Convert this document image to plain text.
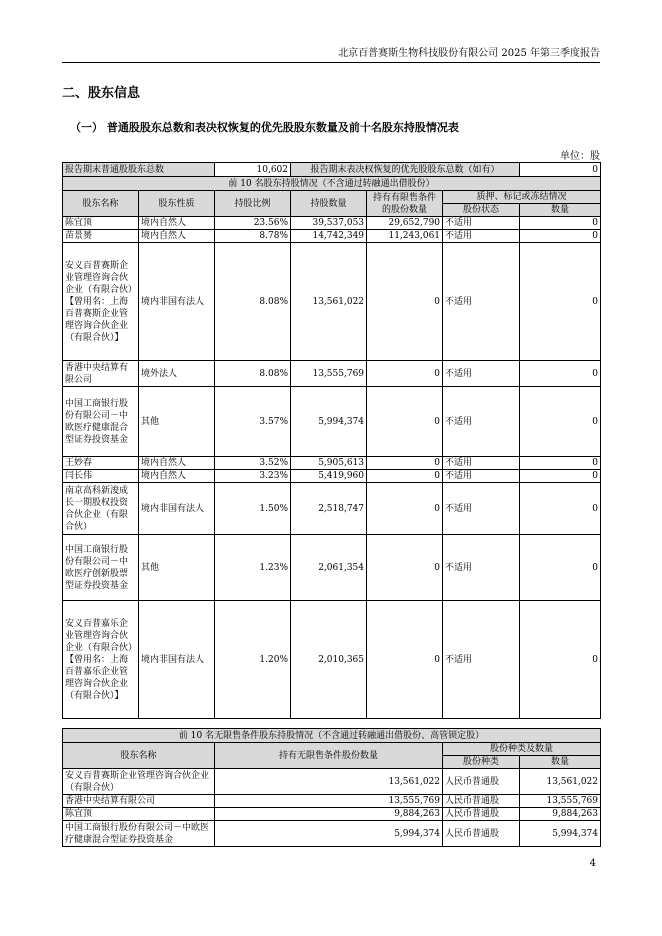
北京百普赛斯生物科技股份有限公司 2025 年第三季度报告
二、股东信息
（一） 普通股股东总数和表决权恢复的优先股股东数量及前十名股东持股情况表
单位：股
报告期末普通股股东总数		10,602	报告期末表决权恢复的优先股股东总数（如有）			0
前 10 名股东持股情况（不含通过转融通出借股份）						
股东名称	股东性质	持股比例	持股数量	持有有限售条件的股份数量	质押、标记或冻结情况	
					股份状态	数量
陈宜顶	境内自然人	23.56%	39,537,053	29,652,790	不适用	0
苗景赟	境内自然人	8.78%	14,742,349	11,243,061	不适用	0
安义百普赛斯企业管理咨询合伙企业（有限合伙）【曾用名：上海百普赛斯企业管理咨询合伙企业（有限合伙）】	境内非国有法人	8.08%	13,561,022	0	不适用	0
香港中央结算有限公司	境外法人	8.08%	13,555,769	0	不适用	0
中国工商银行股份有限公司－中欧医疗健康混合型证券投资基金	其他	3.57%	5,994,374	0	不适用	0
王妙春	境内自然人	3.52%	5,905,613	0	不适用	0
闫长伟	境内自然人	3.23%	5,419,960	0	不适用	0
南京高科新浚成长一期股权投资合伙企业（有限合伙）	境内非国有法人	1.50%	2,518,747	0	不适用	0
中国工商银行股份有限公司－中欧医疗创新股票型证券投资基金	其他	1.23%	2,061,354	0	不适用	0
安义百普嘉乐企业管理咨询合伙企业（有限合伙）【曾用名：上海百普嘉乐企业管理咨询合伙企业（有限合伙）】	境内非国有法人	1.20%	2,010,365	0	不适用	0
前 10 名无限售条件股东持股情况（不含通过转融通出借股份、高管锁定股）			
股东名称	持有无限售条件股份数量	股份种类及数量	
		股份种类	数量
安义百普赛斯企业管理咨询合伙企业（有限合伙）	13,561,022	人民币普通股	13,561,022
香港中央结算有限公司	13,555,769	人民币普通股	13,555,769
陈宜顶	9,884,263	人民币普通股	9,884,263
中国工商银行股份有限公司－中欧医疗健康混合型证券投资基金	5,994,374	人民币普通股	5,994,374
4
